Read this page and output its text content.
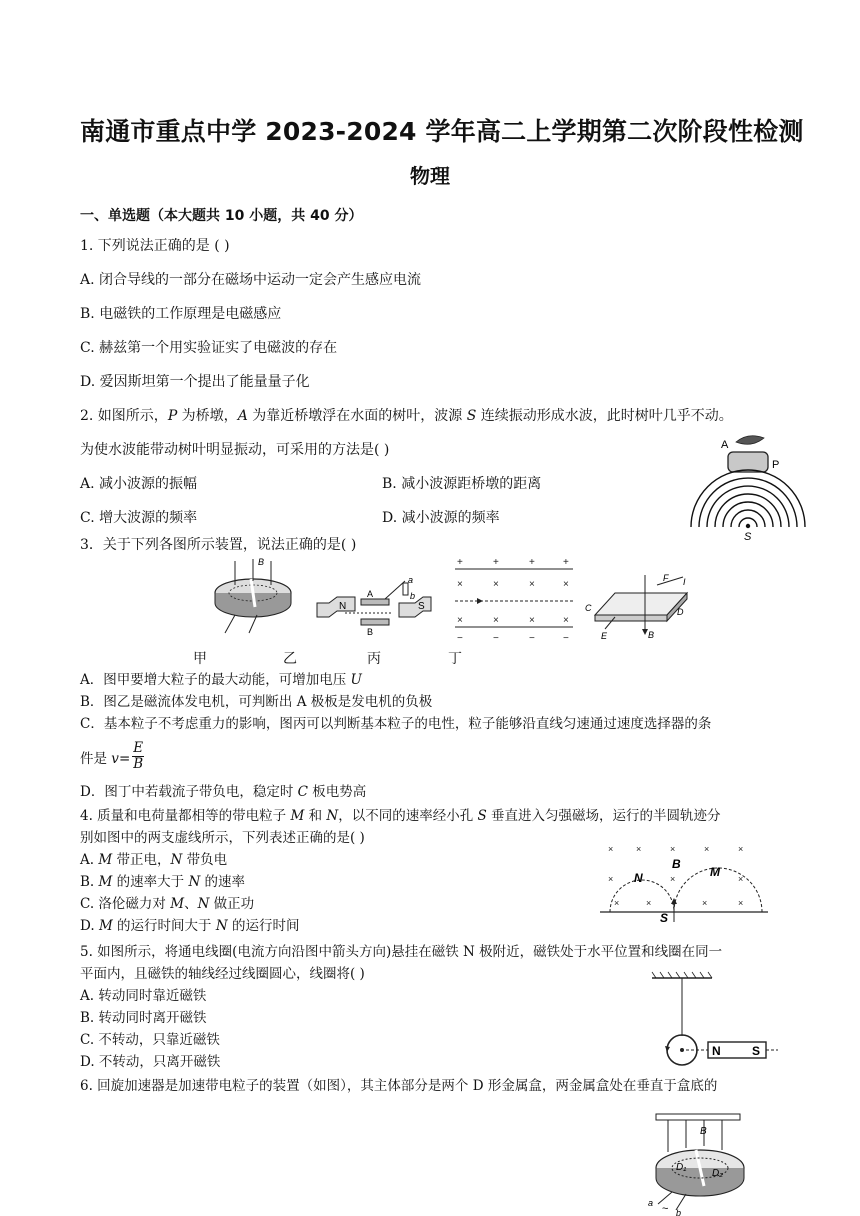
南通市重点中学 2023-2024 学年高二上学期第二次阶段性检测
物理
一、单选题（本大题共 10 小题，共 40 分）
1. 下列说法正确的是 ( )
A. 闭合导线的一部分在磁场中运动一定会产生感应电流
B. 电磁铁的工作原理是电磁感应
C. 赫兹第一个用实验证实了电磁波的存在
D. 爱因斯坦第一个提出了能量量子化
2. 如图所示，P 为桥墩，A 为靠近桥墩浮在水面的树叶，波源 S 连续振动形成水波，此时树叶几乎不动。
为使水波能带动树叶明显振动，可采用的方法是( )
A. 减小波源的振幅	B. 减小波源距桥墩的距离
C. 增大波源的频率	D. 减小波源的频率
A
P
S
3．关于下列各图所示装置，说法正确的是( )
B
N	S
A
B
a
b
+	+	+	+
−	−	−	−
×	×	×	×
×	×	×	×
B
F I
C	D
E
甲	乙	丙	丁
A．图甲要增大粒子的最大动能，可增加电压 U
B．图乙是磁流体发电机，可判断出 A 极板是发电机的负极
C．基本粒子不考虑重力的影响，图丙可以判断基本粒子的电性，粒子能够沿直线匀速通过速度选择器的条
件是 $v= \frac{E}{B}$
D．图丁中若载流子带负电，稳定时 C 板电势高
4. 质量和电荷量都相等的带电粒子 M 和 N，以不同的速率经小孔 S 垂直进入匀强磁场，运行的半圆轨迹分
别如图中的两支虚线所示，下列表述正确的是( )
A. M 带正电，N 带负电
B. M 的速率大于 N 的速率
C. 洛伦磁力对 M、N 做正功
D. M 的运行时间大于 N 的运行时间
×	×	×	×	×
×	×	×
×	×	×	×
N
B
M
S
5. 如图所示，将通电线圈(电流方向沿图中箭头方向)悬挂在磁铁 N 极附近，磁铁处于水平位置和线圈在同一
平面内，且磁铁的轴线经过线圈圆心，线圈将( )
A. 转动同时靠近磁铁
B. 转动同时离开磁铁
C. 不转动，只靠近磁铁
D. 不转动，只离开磁铁
N	S
6. 回旋加速器是加速带电粒子的装置（如图），其主体部分是两个 D 形金属盒，两金属盒处在垂直于盒底的
B
D₁
D₂
a ~ b
